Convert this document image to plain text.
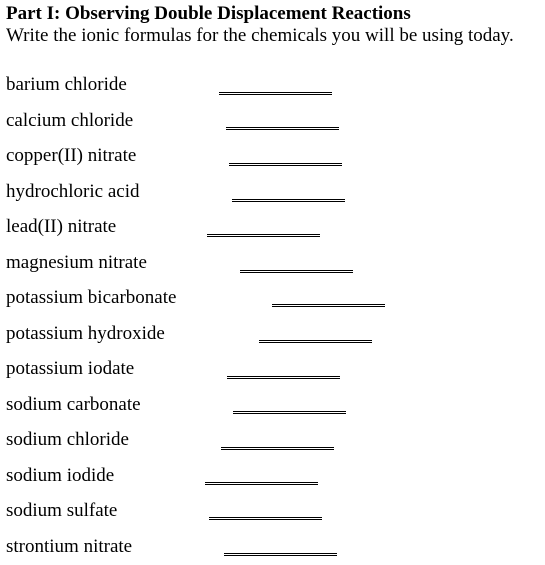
Part I: Observing Double Displacement Reactions
Write the ionic formulas for the chemicals you will be using today.
barium chloride
calcium chloride
copper(II) nitrate
hydrochloric acid
lead(II) nitrate
magnesium nitrate
potassium bicarbonate
potassium hydroxide
potassium iodate
sodium carbonate
sodium chloride
sodium iodide
sodium sulfate
strontium nitrate
